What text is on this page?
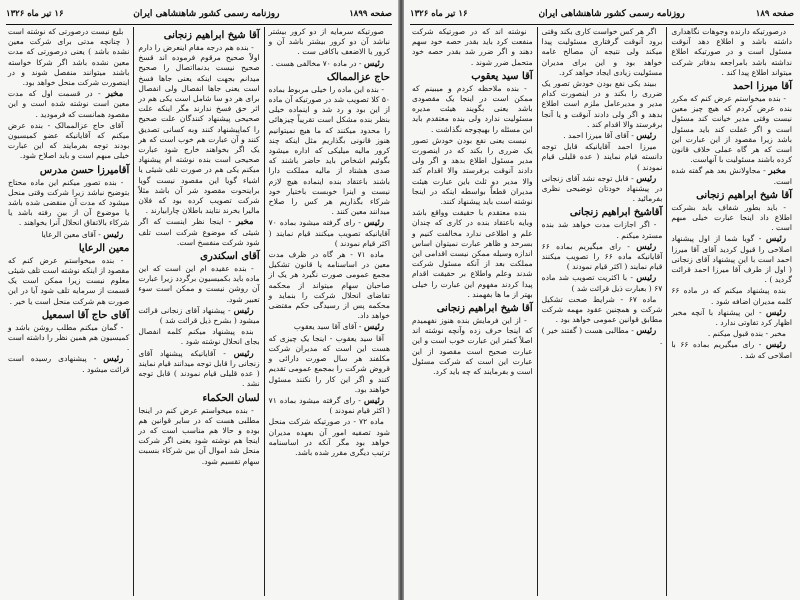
صفحه ۱۸۹۹
روزنامه رسمی کشور شاهنشاهی ایران
۱۶ تیر ماه ۱۳۲۶

صورتیکه سرمایه از دو کرور بیشتر نباشد آن دو کرور بیشتر باشد آن و کرور یا الاضعف باکافی ست .

رئیس - در ماده ۷۰ مخالفی هست .

حاج عزالممالک

- بنده این ماده را خیلی مربوط بماده ۵۰ کلا تصویب شد در صورتیکه آن ماده از این بود و رد شد و اینماده خیلی بنظر بنده مشکل است تقریباً چیزهائی را محدود میکنند که ما هیچ نمیتوانیم هنوز قانونی بگذاریم مثل اینکه چند کرور مالیه میلیکی که اداره میشود بگوئیم اشخاص باید حاضر باشند که صدی هشتاد از مالیه مملکت دارا باشند باعتقاد بنده اینماده هیچ لازم نیست و اینرا خوبست باختیار خود شرکاء بگذاریم هر کس را صلاح میدانند معین کنند .

رئیس - رای گرفته میشود بماده ۷۰ آقایانیکه تصویب میکنند قیام نمایند ( اکثر قیام نمودند )

ماده ۷۱ - هر گاه در ظرف مدت معین در اساسنامه یا قانون تشکیل مجمع عمومی صورت نگیرد هر یک از صاحبان سهام میتواند از محکمه تقاضای انحلال شرکت را بنماید و محکمه پس از رسیدگی حکم مقتضی خواهد داد.

رئیس - آقای آقا سید یعقوب

آقا سید یعقوب - اینجا یک چیزی که هست این است که مدیران شرکت مکلفند هر سال صورت دارائی و قروض شرکت را بمجمع عمومی تقدیم کنند و اگر این کار را نکنند مسئول خواهند بود.

رئیس - رای گرفته میشود بماده ۷۱ ( اکثر قیام نمودند )

ماده ۷۲ - در صورتیکه شرکت منحل شود تصفیه امور آن بعهده مدیران خواهد بود مگر آنکه در اساسنامه ترتیب دیگری مقرر شده باشد.

آقا شیخ ابراهیم زنجانی

- بنده هم درجه مقام اینعرض را دارم اولاً صحیح مرقوم فرموده اند قسخ صحیح نیست بدنمااتصال را صحیح میدانم بجهت اینکه یعنی جاها فسخ است یعنی جاها انفصال ولی انفصال برای هر دو سا شامل است یکی هم در اثر حق فسخ ندارند مگر اینکه علت صحیحی پیشنهاد کنندگان علت صحیح را کماپیشنهاد کنند وبه کسانی تصدیق کنند و آن عبارت هم خوب است که هر یک اگر بخواهند خارج شود عبارت صحیحی است بنده نوشته ام پیشنهاد میکنم یکی هم در صورت تلف شیئی یا اشیاء گویا این مقصود نیست گویا براینحوت مقصود شر آن باشد مثلاً شرکت تصویب کرده بود که فلان مالیرا بخرند نتایند باطلان چارابیارند .

مخبر - اینجا نظر اینست که اگر شیئی که موضوع شرکت است تلف شود شرکت منفسخ است.

آقای اسکندری

- بنده عقیده ام این است که این ماده باید بکمیسیون برگردد زیرا عبارت آن روشن نیست و ممکن است سوء تعبیر شود.

رئیس - پیشنهاد آقای زنجانی قرائت میشود ( بشرح ذیل قرائت شد )

بنده پیشنهاد میکنم کلمه انفصال بجای انحلال نوشته شود .

رئیس - آقایانیکه پیشنهاد آقای زنجانی را قابل توجه میدانند قیام نمایند ( عده قلیلی قیام نمودند ) قابل توجه نشد .

لسان الحکماء

- بنده میخواستم عرض کنم در اینجا مطلبی هست که در سایر قوانین هم بوده و حالا هم مناسب است که در اینجا هم نوشته شود یعنی اگر شرکت منحل شد اموال آن بین شرکاء بنسبت سهام تقسیم شود.

بلیغ نیست درصورتی که نوشته است ( چنانچه مدتی برای شرکت معین نشده باشد ) یعنی درصورتی که مدت معین نشده باشد اگر شرکا خواسته باشند میتوانند منفصل شوند و در اینصورت شرکت منحل خواهد بود.

مخبر - در قسمت اول که مدت معین است نوشته شده است و این مقصود همانست که فرمودید .

آقای حاج عزالممالک - بنده عرض میکنم که آقایانیکه عضو کمیسیون بودند توجه بفرمایند که این عبارت خیلی مبهم است و باید اصلاح شود.

آقامیرزا حسن مدرس

- بنده تصور میکنم این ماده محتاج بتوضیح نباشد زیرا شرکت وقتی منحل میشود که مدت آن منقضی شده باشد یا موضوع آن از بین رفته باشد یا شرکاء بالاتفاق انحلال آنرا بخواهند .

رئیس - آقای معین الرعایا

معین الرعایا

- بنده میخواستم عرض کنم که مقصود از اینکه نوشته است تلف شیئی معلوم نیست زیرا ممکن است یک قسمت از سرمایه تلف شود آیا در این صورت هم شرکت منحل است یا خیر .

آقای حاج آقا اسمعیل

- گمان میکنم مطلب روشن باشد و کمیسیون هم همین نظر را داشته است .

رئیس - پیشنهادی رسیده است قرائت میشود .

صفحه ۱۸۹
روزنامه رسمی کشور شاهنشاهی ایران
۱۶ تیر ماه ۱۳۲۶

درصورتیکه دارنده وجوهات نگاهداری داشته باشد و اطلاع دهد آنوقت مسئول است و در صورتیکه اطلاع نداشته باشد بامراجعه بدفاتر شرکت میتواند اطلاع پیدا کند .

آقا میرزا احمد

- بنده میخواستم عرض کنم که مکرر بنده عرض کردم که هیچ چیز معین نیست وقتی مدیر خیانت کند مسئول است و اگر غفلت کند باید مسئول باشد زیرا مقصود از این عبارت این است که هر گاه عملی خلاف قانون کرده باشند مسئولیت با آنهاست.

مخبر - مجاولانش بعد هم گفته شده است.

آقا شیخ ابراهیم زنجانی

- باید بطور شفاف باید بشرکت اطلاع داد اینجا عبارت خیلی مبهم است .

رئیس - گویا شما از اول پیشنهاد اصلاحی را قبول کردید آقای آقا میرزا احمد است با این پیشنهاد آقای زنجانی ( اول از طرف آقا میرزا احمد قرائت گردید ) .

بنده پیشنهاد میکنم که در ماده ۶۶ کلمه مدیران اضافه شود .

رئیس - این پیشنهاد با آنچه مخبر اظهار کرد تفاوتی ندارد .

مخبر - بنده قبول میکنم .

رئیس - رای میگیریم بماده ۶۶ با اصلاحی که شد .

اگر هر کس خواست کاری بکند وقتی برود آنوقت گرفتاری مسئولیت پیدا میکند ولی نتیجه آن مصالح عامه خواهد بود و این برای مدیران مسئولیت زیادی ایجاد خواهد کرد.

ببیند یکی نفع بودن خودش تصور یک ضرری را بکند و در اینصورت کدام مدیر و مدیرعامل ملزم است اطلاع بدهد و اگر ولی دادند آنوقت و یا آنجا برفرستد والا اقدام کند .

رئیس - آقای آقا میرزا احمد .

میرزا احمد آقایانیکه قابل توجه دانسته قیام نمایند ( عده قلیلی قیام نمودند )

رئیس - قابل توجه نشد آقای زنجانی در پیشنهاد خودتان توضیحی نظری بفرمائید .

آقاشیخ ابراهیم زنجانی

- اگر اجازات مدت خواهد شد بنده مسترد میکنم .

رئیس - رای میگیریم بماده ۶۶ آقایانیکه ماده ۶۶ را تصویب میکنند قیام نمایند ( اکثر قیام نمودند )

رئیس - با اکثریت تصویب شد ماده ۶۷ ( بعبارت ذیل قرائت شد )

ماده ۶۷ - شرایط صحت تشکیل شرکت و همچنین عقود مهمه شرکت مطابق قوانین عمومی خواهد بود .

رئیس - مطالبی هست ( گفتند خیر ) .

نوشته اند که در صورتیکه شرکت منفعت کرد باید بقدر حصه خود سهم دهند و اگر ضرر شد بقدر حصه خود متحمل ضرر شوند .

آقا سید یعقوب

- بنده ملاحظه کردم و میبینم که ممکن است در اینجا یک مقصودی باشد یعنی بگویند هیئت مدیره مسئولیت ندارد ولی بنده معتقدم باید این مسئله را بهیچوجه نگذاشت .

نیست یعنی نفع بودن خودش تصور یک ضرری را بکند که در اینصورت مدیر مسئول اطلاع بدهد و اگر ولی دادند آنوقت برفرستد والا اقدام کند والا مدیر دو ثلث باین عبارت هیئت مدیران قطعاً بواسطه اینکه در اینجا نوشته است باید پیشنهاد کنند.

بنده معتقدم با حقیقت وواقع باشد وبایه باعتقاد بنده در کاری که چندان علم و اطلاعی ندارد مخالفت کنیم و بسرحد و ظاهر عبارت نمیتوان اساس اندازه وسیله ممکن نیست اقدامی این مملکت بعد از آنکه مسئول شرکت شدند وعلم واطلاع بر حقیقت اقدام پیدا کردند مفهوم این عبارت را خیلی بهتر از ما ها بفهمند .

آقا شیخ ابراهیم زنجانی

- از این فرمایش بنده هنوز نفهمیدم که اینجا حرف زده وآنچه نوشته اند اصلاً کمتر این عبارت خوب است و این عبارت صحیح است مقصود از این عبارت این است که شرکت مسئول است و بفرمایند که چه باید کرد.
